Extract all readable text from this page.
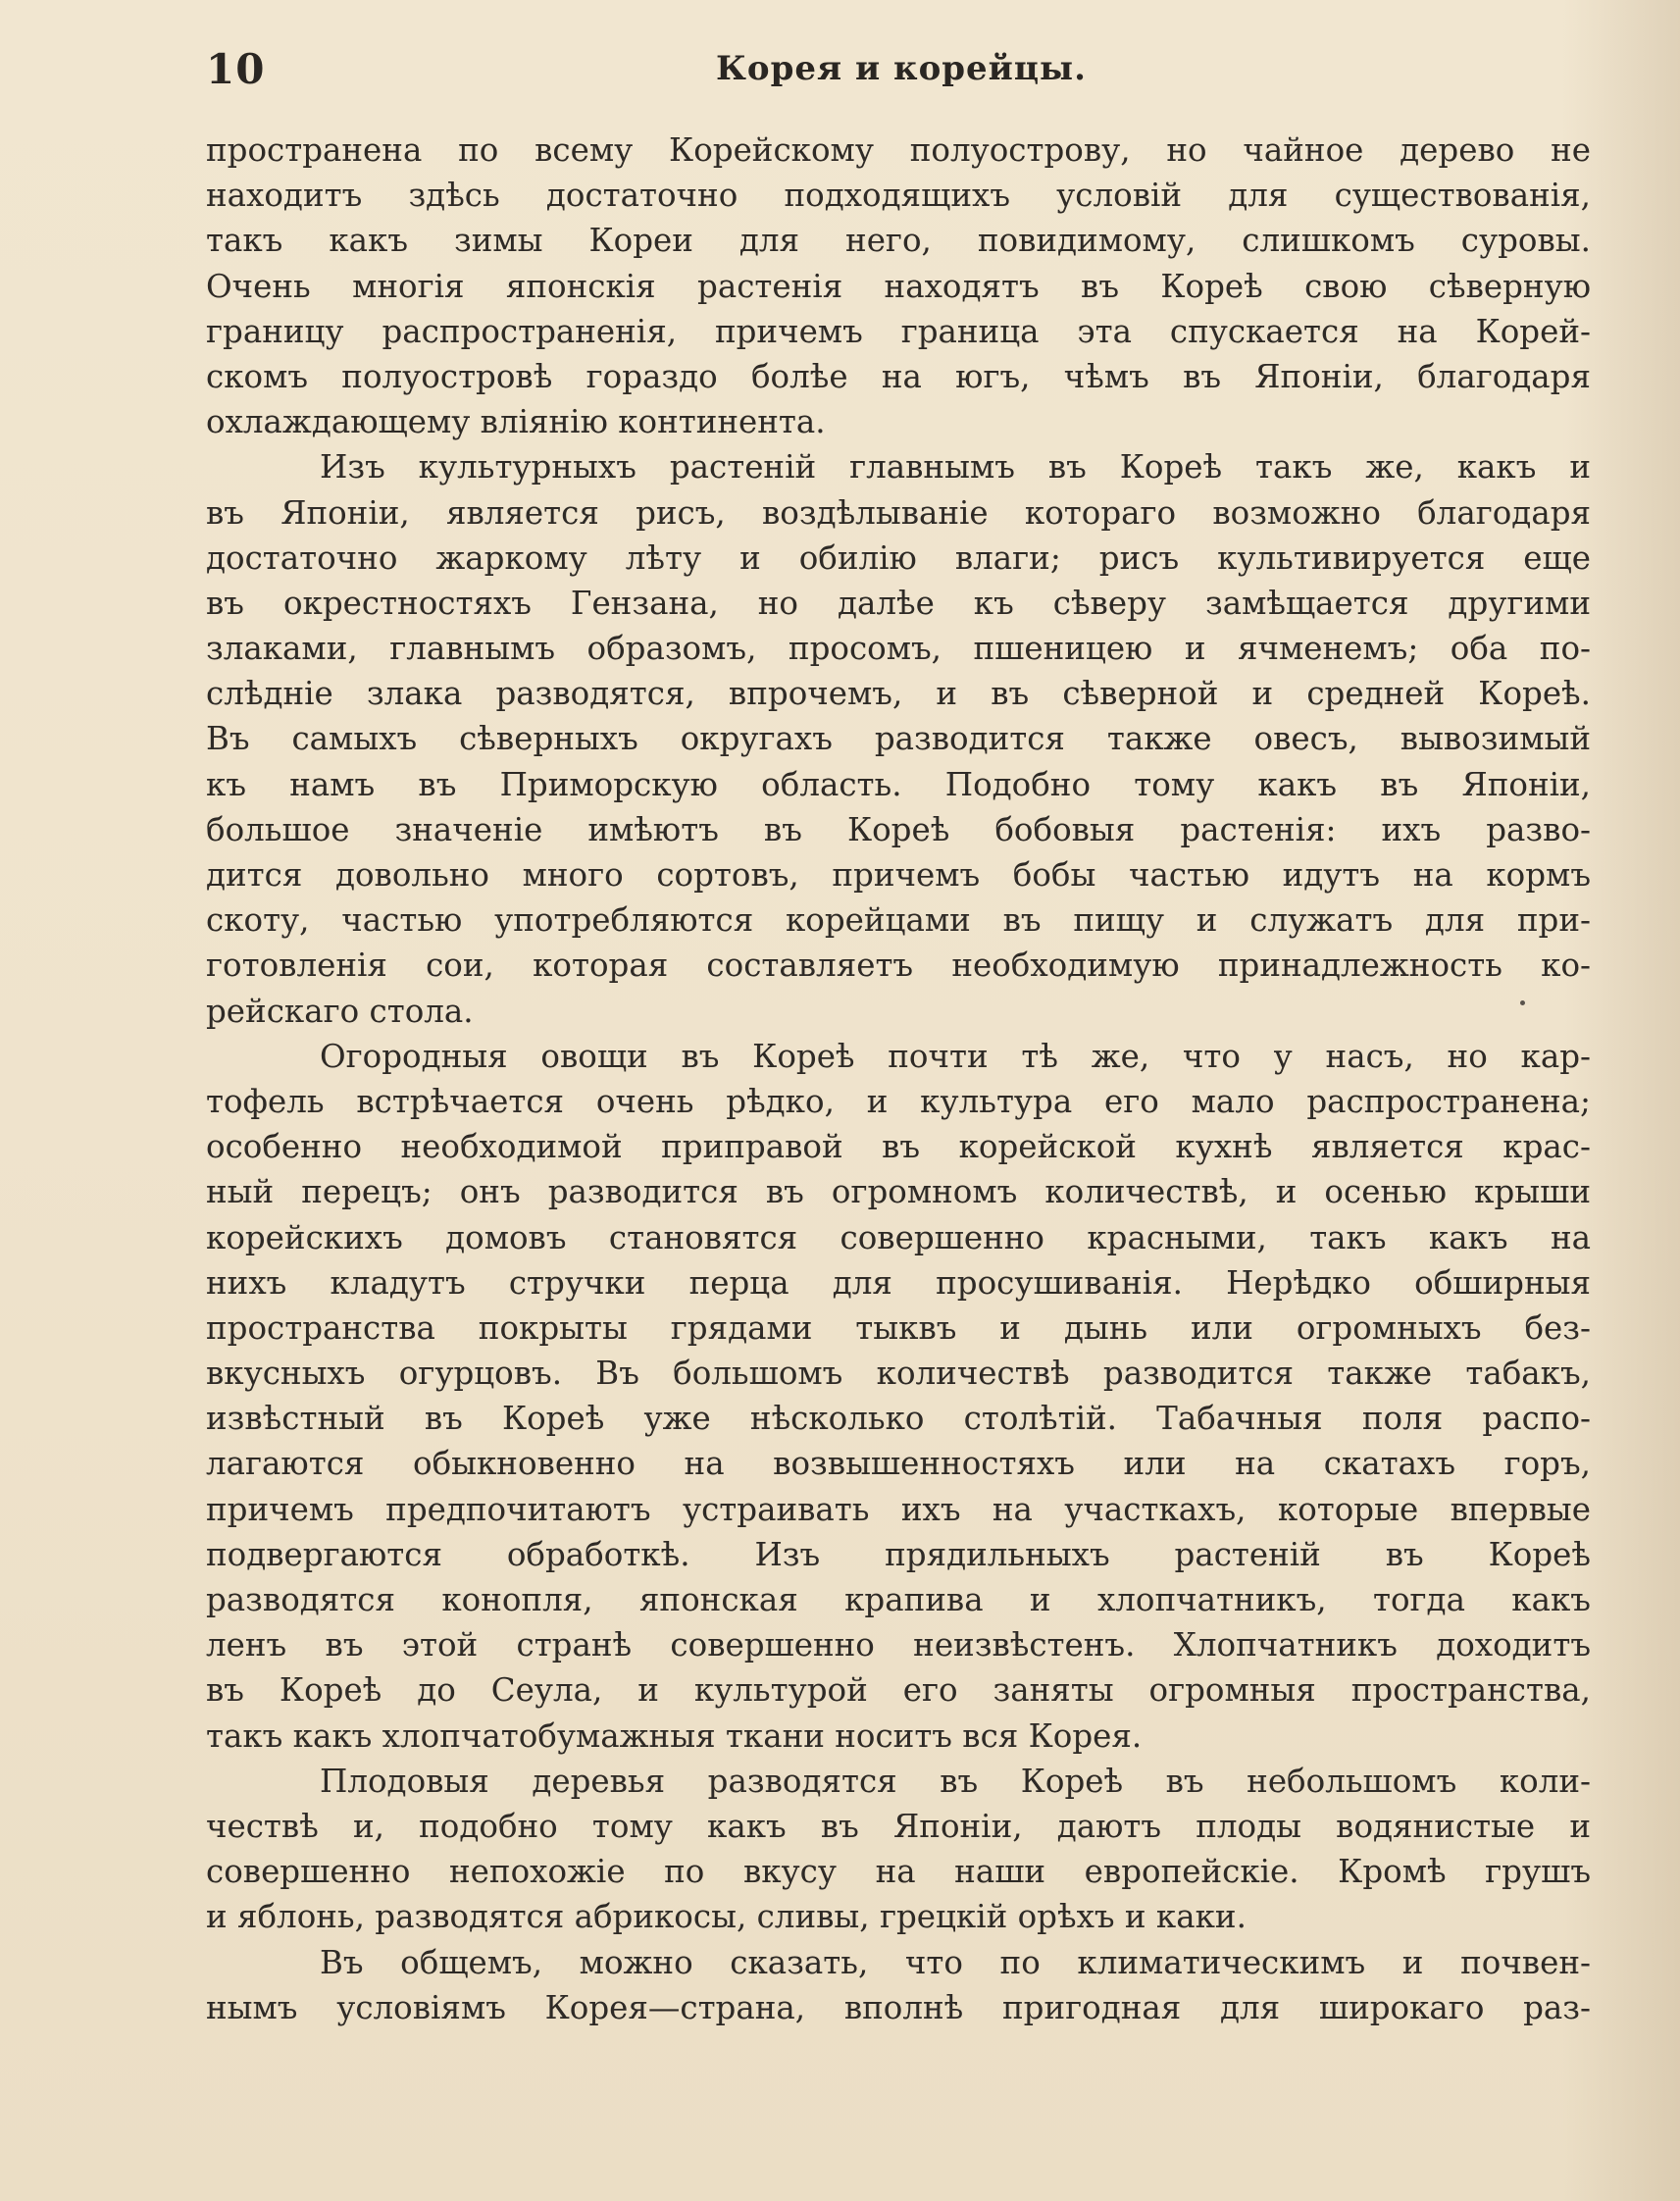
10	Корея и корейцы.
пространена по всему Корейскому полуострову, но чайное дерево не
находитъ здѣсь достаточно подходящихъ условій для существованія,
такъ какъ зимы Кореи для него, повидимому, слишкомъ суровы.
Очень многія японскія растенія находятъ въ Кореѣ свою сѣверную
границу распространенія, причемъ граница эта спускается на Корей-
скомъ полуостровѣ гораздо болѣе на югъ, чѣмъ въ Японіи, благодаря
охлаждающему вліянію континента.
Изъ культурныхъ растеній главнымъ въ Кореѣ такъ же, какъ и
въ Японіи, является рисъ, воздѣлываніе котораго возможно благодаря
достаточно жаркому лѣту и обилію влаги; рисъ культивируется еще
въ окрестностяхъ Гензана, но далѣе къ сѣверу замѣщается другими
злаками, главнымъ образомъ, просомъ, пшеницею и ячменемъ; оба по-
слѣдніе злака разводятся, впрочемъ, и въ сѣверной и средней Кореѣ.
Въ самыхъ сѣверныхъ округахъ разводится также овесъ, вывозимый
къ намъ въ Приморскую область. Подобно тому какъ въ Японіи,
большое значеніе имѣютъ въ Кореѣ бобовыя растенія: ихъ разво-
дится довольно много сортовъ, причемъ бобы частью идутъ на кормъ
скоту, частью употребляются корейцами въ пищу и служатъ для при-
готовленія сои, которая составляетъ необходимую принадлежность ко-
рейскаго стола.
Огородныя овощи въ Кореѣ почти тѣ же, что у насъ, но кар-
тофель встрѣчается очень рѣдко, и культура его мало распространена;
особенно необходимой приправой въ корейской кухнѣ является крас-
ный перецъ; онъ разводится въ огромномъ количествѣ, и осенью крыши
корейскихъ домовъ становятся совершенно красными, такъ какъ на
нихъ кладутъ стручки перца для просушиванія. Нерѣдко обширныя
пространства покрыты грядами тыквъ и дынь или огромныхъ без-
вкусныхъ огурцовъ. Въ большомъ количествѣ разводится также табакъ,
извѣстный въ Кореѣ уже нѣсколько столѣтій. Табачныя поля распо-
лагаются обыкновенно на возвышенностяхъ или на скатахъ горъ,
причемъ предпочитаютъ устраивать ихъ на участкахъ, которые впервые
подвергаются обработкѣ. Изъ прядильныхъ растеній въ Кореѣ
разводятся конопля, японская крапива и хлопчатникъ, тогда какъ
ленъ въ этой странѣ совершенно неизвѣстенъ. Хлопчатникъ доходитъ
въ Кореѣ до Сеула, и культурой его заняты огромныя пространства,
такъ какъ хлопчатобумажныя ткани носитъ вся Корея.
Плодовыя деревья разводятся въ Кореѣ въ небольшомъ коли-
чествѣ и, подобно тому какъ въ Японіи, даютъ плоды водянистые и
совершенно непохожіе по вкусу на наши европейскіе. Кромѣ грушъ
и яблонь, разводятся абрикосы, сливы, грецкій орѣхъ и каки.
Въ общемъ, можно сказать, что по климатическимъ и почвен-
нымъ условіямъ Корея—страна, вполнѣ пригодная для широкаго раз-
